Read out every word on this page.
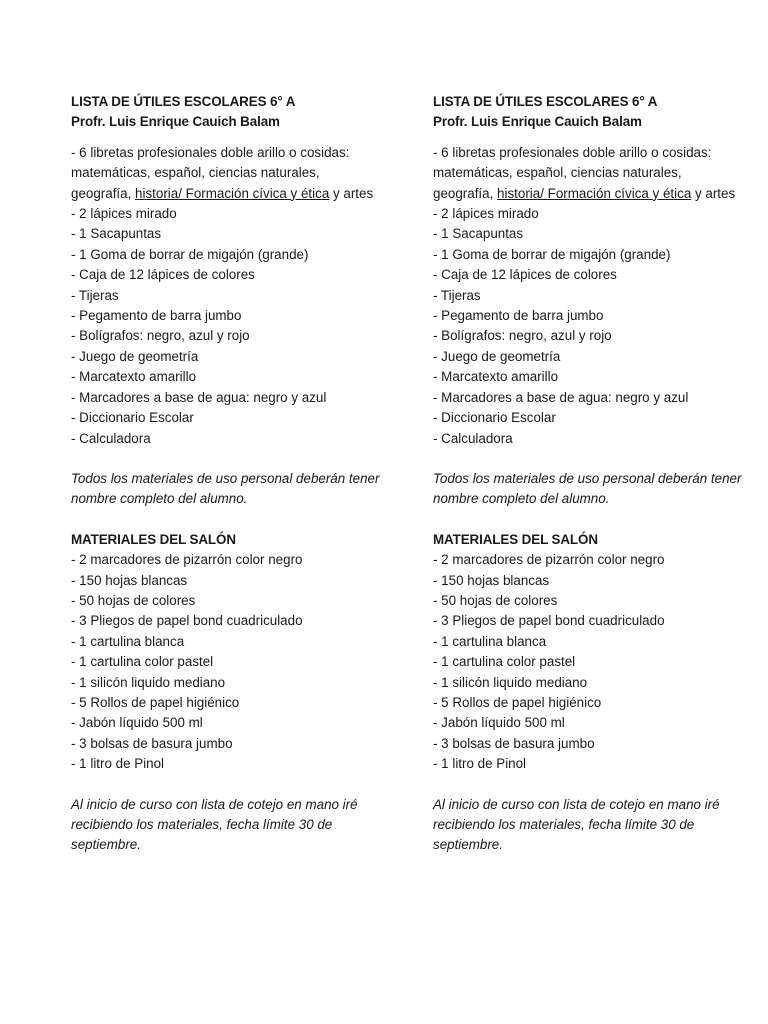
LISTA DE ÚTILES ESCOLARES 6° A
Profr. Luis Enrique Cauich Balam
- 6 libretas profesionales doble arillo o cosidas: matemáticas, español, ciencias naturales, geografía, historia/ Formación cívica y ética y artes
- 2 lápices mirado
- 1 Sacapuntas
- 1 Goma de borrar de migajón (grande)
- Caja de 12 lápices de colores
- Tijeras
- Pegamento de barra jumbo
- Bolígrafos: negro, azul y rojo
- Juego de geometría
- Marcatexto amarillo
- Marcadores a base de agua: negro y azul
- Diccionario Escolar
- Calculadora
Todos los materiales de uso personal deberán tener nombre completo del alumno.
MATERIALES DEL SALÓN
- 2 marcadores de pizarrón color negro
- 150 hojas blancas
- 50 hojas de colores
- 3 Pliegos de papel bond cuadriculado
- 1 cartulina blanca
- 1 cartulina color pastel
- 1 silicón liquido mediano
- 5 Rollos de papel higiénico
- Jabón líquido 500 ml
- 3 bolsas de basura jumbo
- 1 litro de Pinol
Al inicio de curso con lista de cotejo en mano iré recibiendo los materiales, fecha límite 30 de septiembre.
LISTA DE ÚTILES ESCOLARES 6° A
Profr. Luis Enrique Cauich Balam
- 6 libretas profesionales doble arillo o cosidas: matemáticas, español, ciencias naturales, geografía, historia/ Formación cívica y ética y artes
- 2 lápices mirado
- 1 Sacapuntas
- 1 Goma de borrar de migajón (grande)
- Caja de 12 lápices de colores
- Tijeras
- Pegamento de barra jumbo
- Bolígrafos: negro, azul y rojo
- Juego de geometría
- Marcatexto amarillo
- Marcadores a base de agua: negro y azul
- Diccionario Escolar
- Calculadora
Todos los materiales de uso personal deberán tener nombre completo del alumno.
MATERIALES DEL SALÓN
- 2 marcadores de pizarrón color negro
- 150 hojas blancas
- 50 hojas de colores
- 3 Pliegos de papel bond cuadriculado
- 1 cartulina blanca
- 1 cartulina color pastel
- 1 silicón liquido mediano
- 5 Rollos de papel higiénico
- Jabón líquido 500 ml
- 3 bolsas de basura jumbo
- 1 litro de Pinol
Al inicio de curso con lista de cotejo en mano iré recibiendo los materiales, fecha límite 30 de septiembre.
